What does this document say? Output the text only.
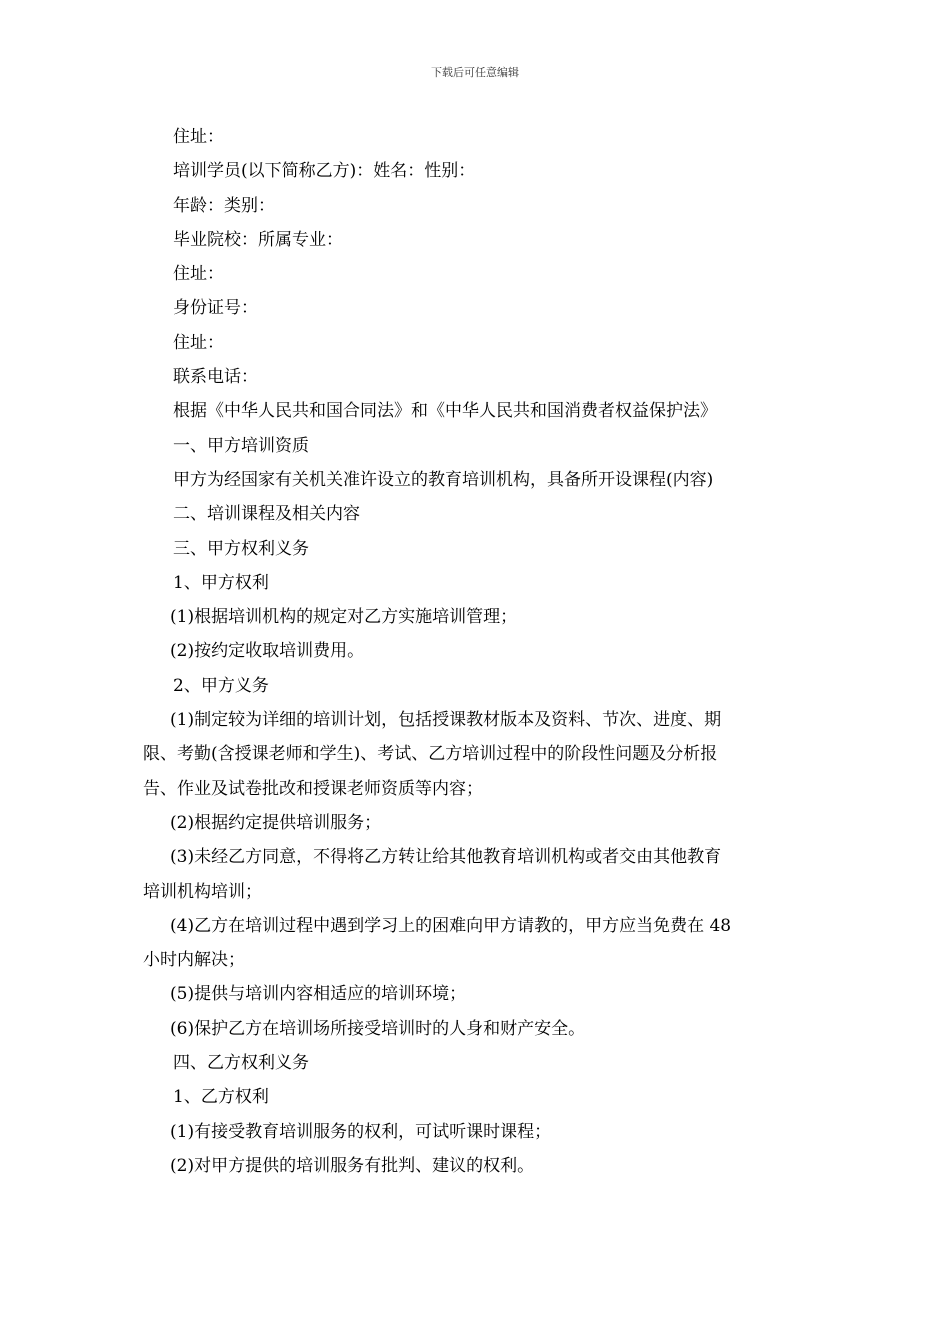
下载后可任意编辑
住址：
培训学员(以下简称乙方)：姓名：性别：
年龄：类别：
毕业院校：所属专业：
住址：
身份证号：
住址：
联系电话：
根据《中华人民共和国合同法》和《中华人民共和国消费者权益保护法》
一、甲方培训资质
甲方为经国家有关机关准许设立的教育培训机构，具备所开设课程(内容)
二、培训课程及相关内容
三、甲方权利义务
1、甲方权利
(1)根据培训机构的规定对乙方实施培训管理；
(2)按约定收取培训费用。
2、甲方义务
(1)制定较为详细的培训计划，包括授课教材版本及资料、节次、进度、期
限、考勤(含授课老师和学生)、考试、乙方培训过程中的阶段性问题及分析报
告、作业及试卷批改和授课老师资质等内容；
(2)根据约定提供培训服务；
(3)未经乙方同意，不得将乙方转让给其他教育培训机构或者交由其他教育
培训机构培训；
(4)乙方在培训过程中遇到学习上的困难向甲方请教的，甲方应当免费在 48
小时内解决；
(5)提供与培训内容相适应的培训环境；
(6)保护乙方在培训场所接受培训时的人身和财产安全。
四、乙方权利义务
1、乙方权利
(1)有接受教育培训服务的权利，可试听课时课程；
(2)对甲方提供的培训服务有批判、建议的权利。
